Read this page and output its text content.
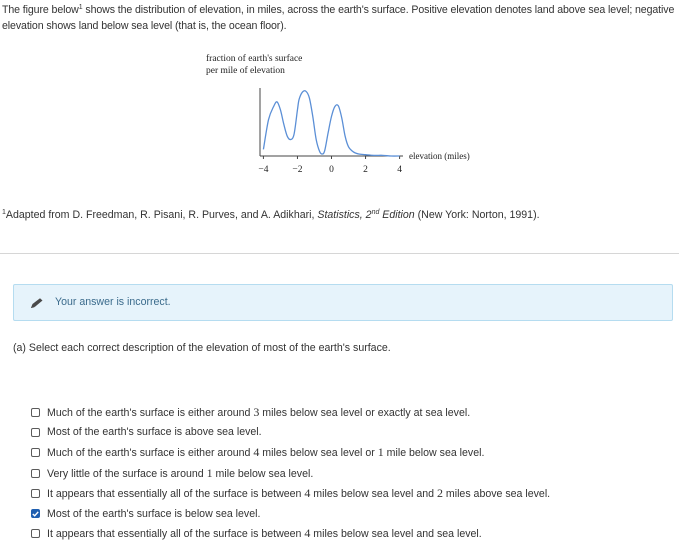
The figure below$^1$ shows the distribution of elevation, in miles, across the earth's surface. Positive elevation denotes land above sea level; negative elevation shows land below sea level (that is, the ocean floor).
fraction of earth's surface
per mile of elevation
−4	−2	0	2	4
elevation (miles)
$^1$Adapted from D. Freedman, R. Pisani, R. Purves, and A. Adikhari, Statistics, 2nd Edition (New York: Norton, 1991).
Your answer is incorrect.
(a) Select each correct description of the elevation of most of the earth's surface.
Much of the earth's surface is either around 3 miles below sea level or exactly at sea level.
Most of the earth's surface is above sea level.
Much of the earth's surface is either around 4 miles below sea level or 1 mile below sea level.
Very little of the surface is around 1 mile below sea level.
It appears that essentially all of the surface is between 4 miles below sea level and 2 miles above sea level.
Most of the earth's surface is below sea level.
It appears that essentially all of the surface is between 4 miles below sea level and sea level.
